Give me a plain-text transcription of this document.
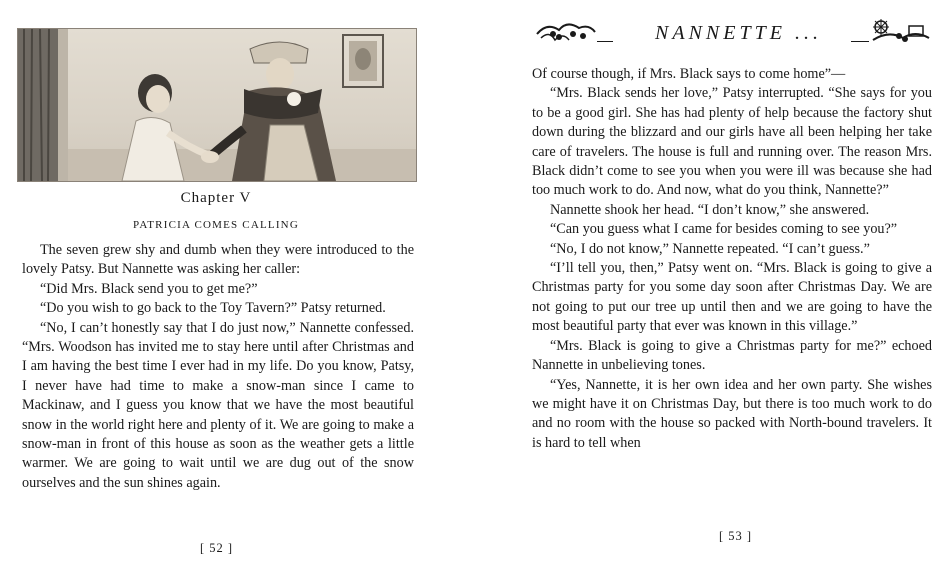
Chapter V
PATRICIA COMES CALLING

The seven grew shy and dumb when they were introduced to the lovely Patsy. But Nannette was asking her caller:

“Did Mrs. Black send you to get me?”

“Do you wish to go back to the Toy Tavern?” Patsy returned.

“No, I can’t honestly say that I do just now,” Nannette confessed. “Mrs. Woodson has invited me to stay here until after Christmas and I am having the best time I ever had in my life. Do you know, Patsy, I never have had time to make a snow-man since I came to Mackinaw, and I guess you know that we have the most beautiful snow in the world right here and plenty of it. We are going to make a snow-man in front of this house as soon as the weather gets a little warmer. We are going to wait until we are dug out of the snow ourselves and the sun shines again.

[ 52 ]
NANNETTE ...

Of course though, if Mrs. Black says to come home”—

“Mrs. Black sends her love,” Patsy interrupted. “She says for you to be a good girl. She has had plenty of help because the factory shut down during the blizzard and our girls have all been helping her take care of travelers. The house is full and running over. The reason Mrs. Black didn’t come to see you when you were ill was because she had too much work to do. And now, what do you think, Nannette?”

Nannette shook her head. “I don’t know,” she answered.

“Can you guess what I came for besides coming to see you?”

“No, I do not know,” Nannette repeated. “I can’t guess.”

“I’ll tell you, then,” Patsy went on. “Mrs. Black is going to give a Christmas party for you some day soon after Christmas Day. We are not going to put our tree up until then and we are going to have the most beautiful party that ever was known in this village.”

“Mrs. Black is going to give a Christmas party for me?” echoed Nannette in unbelieving tones.

“Yes, Nannette, it is her own idea and her own party. She wishes we might have it on Christmas Day, but there is too much work to do and no room with the house so packed with North-bound travelers. It is hard to tell when

[ 53 ]
